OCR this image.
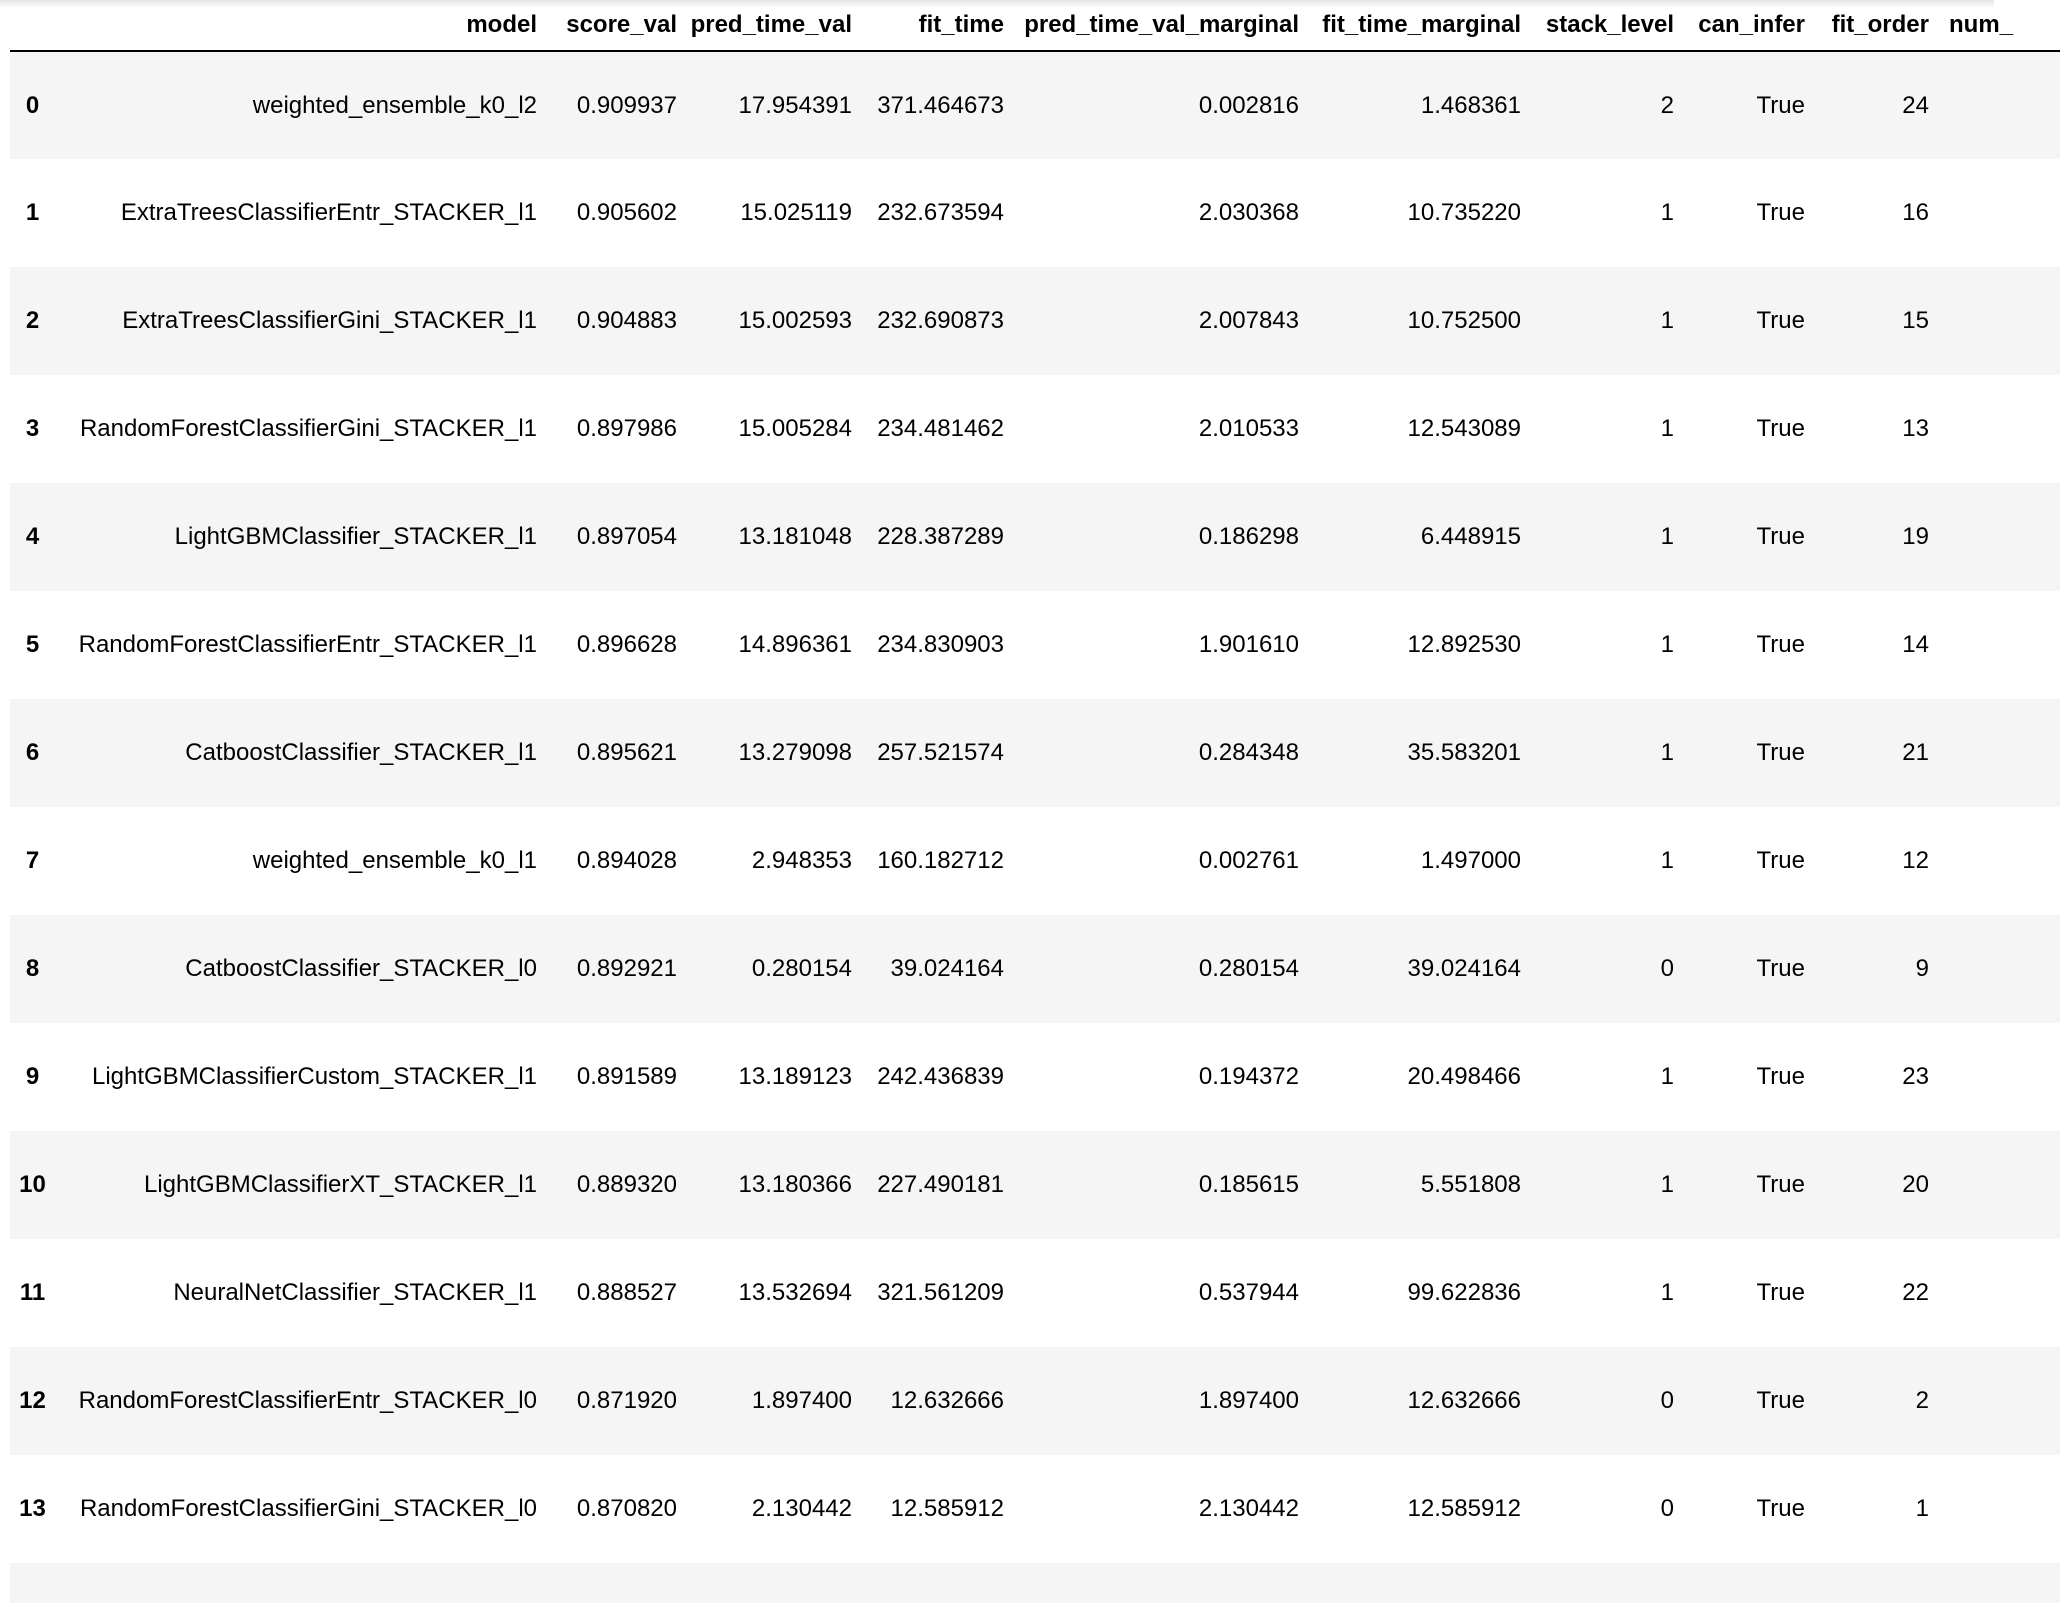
	model	score_val	pred_time_val	fit_time	pred_time_val_marginal	fit_time_marginal	stack_level	can_infer	fit_order	num_
0	weighted_ensemble_k0_l2	0.909937	17.954391	371.464673	0.002816	1.468361	2	True	24	
1	ExtraTreesClassifierEntr_STACKER_l1	0.905602	15.025119	232.673594	2.030368	10.735220	1	True	16	
2	ExtraTreesClassifierGini_STACKER_l1	0.904883	15.002593	232.690873	2.007843	10.752500	1	True	15	
3	RandomForestClassifierGini_STACKER_l1	0.897986	15.005284	234.481462	2.010533	12.543089	1	True	13	
4	LightGBMClassifier_STACKER_l1	0.897054	13.181048	228.387289	0.186298	6.448915	1	True	19	
5	RandomForestClassifierEntr_STACKER_l1	0.896628	14.896361	234.830903	1.901610	12.892530	1	True	14	
6	CatboostClassifier_STACKER_l1	0.895621	13.279098	257.521574	0.284348	35.583201	1	True	21	
7	weighted_ensemble_k0_l1	0.894028	2.948353	160.182712	0.002761	1.497000	1	True	12	
8	CatboostClassifier_STACKER_l0	0.892921	0.280154	39.024164	0.280154	39.024164	0	True	9	
9	LightGBMClassifierCustom_STACKER_l1	0.891589	13.189123	242.436839	0.194372	20.498466	1	True	23	
10	LightGBMClassifierXT_STACKER_l1	0.889320	13.180366	227.490181	0.185615	5.551808	1	True	20	
11	NeuralNetClassifier_STACKER_l1	0.888527	13.532694	321.561209	0.537944	99.622836	1	True	22	
12	RandomForestClassifierEntr_STACKER_l0	0.871920	1.897400	12.632666	1.897400	12.632666	0	True	2	
13	RandomForestClassifierGini_STACKER_l0	0.870820	2.130442	12.585912	2.130442	12.585912	0	True	1	
